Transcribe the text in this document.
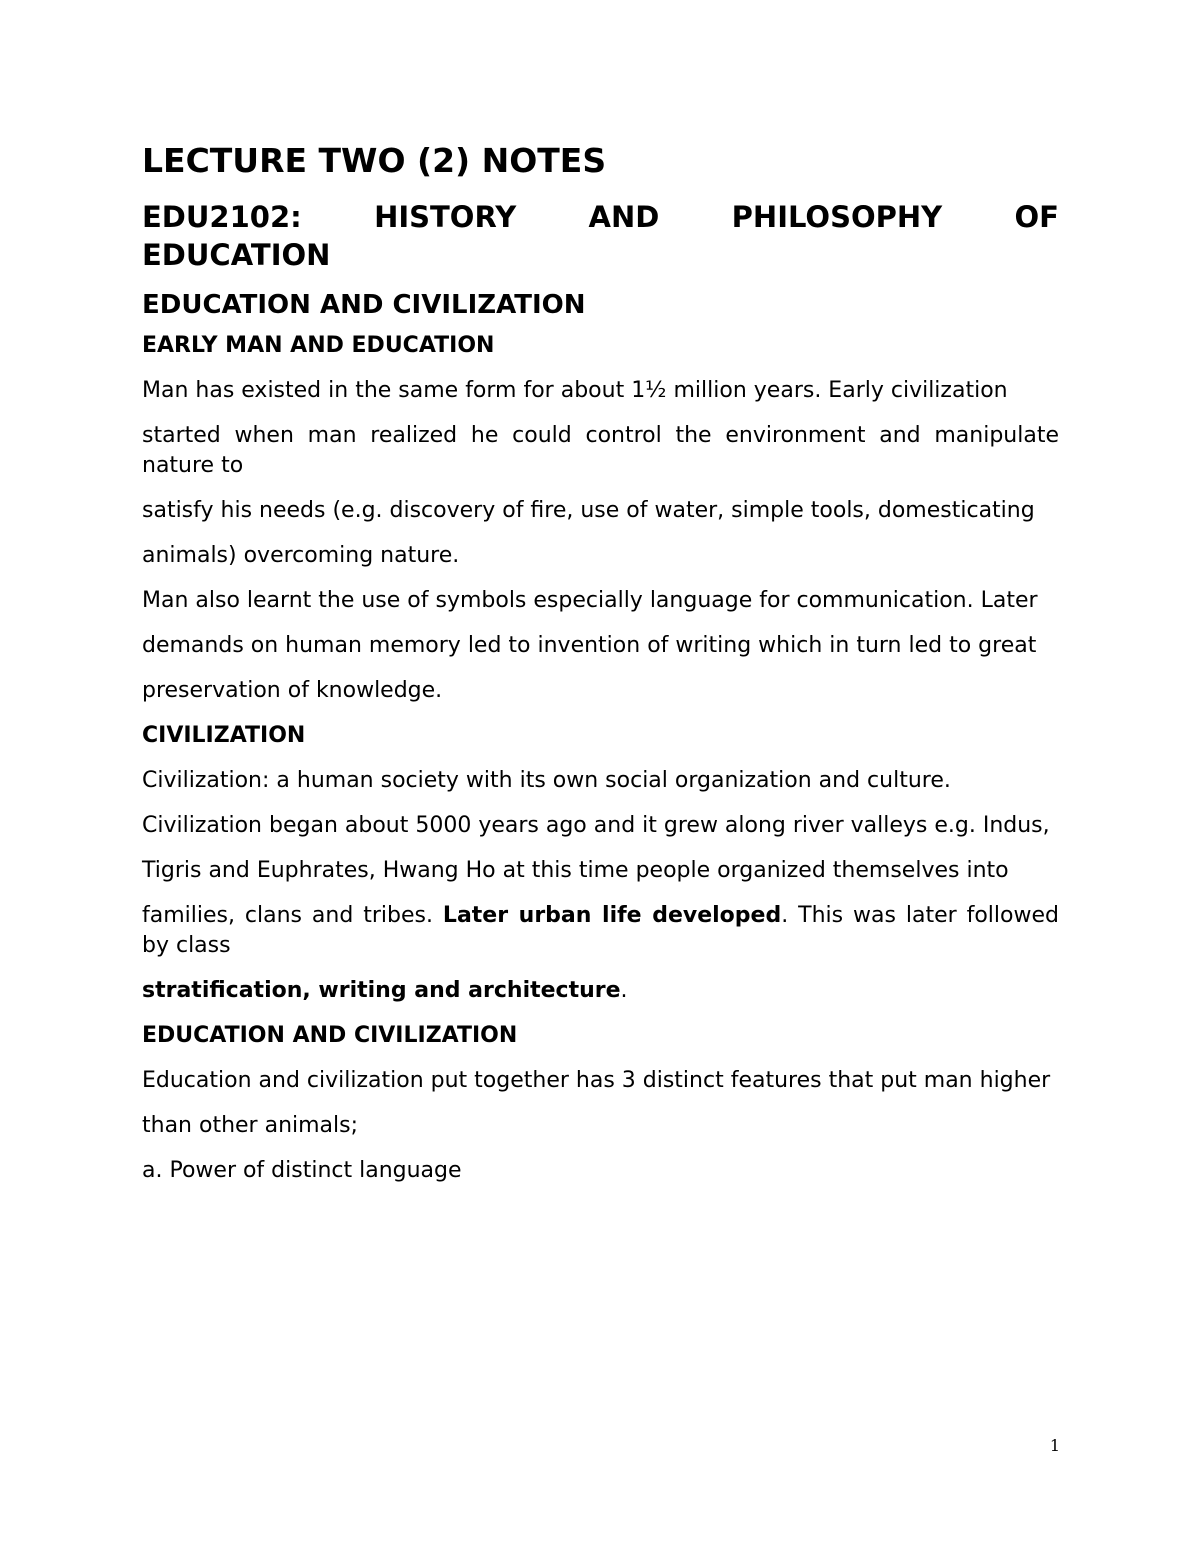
LECTURE TWO (2) NOTES
EDU2102: HISTORY AND PHILOSOPHY OF
EDUCATION
EDUCATION AND CIVILIZATION
EARLY MAN AND EDUCATION
Man has existed in the same form for about 1½ million years. Early civilization
started when man realized he could control the environment and manipulate nature to
satisfy his needs (e.g. discovery of fire, use of water, simple tools, domesticating
animals) overcoming nature.
Man also learnt the use of symbols especially language for communication. Later
demands on human memory led to invention of writing which in turn led to great
preservation of knowledge.
CIVILIZATION
Civilization: a human society with its own social organization and culture.
Civilization began about 5000 years ago and it grew along river valleys e.g. Indus,
Tigris and Euphrates, Hwang Ho at this time people organized themselves into
families, clans and tribes. Later urban life developed. This was later followed by class
stratification, writing and architecture.
EDUCATION AND CIVILIZATION
Education and civilization put together has 3 distinct features that put man higher
than other animals;
a. Power of distinct language
1
